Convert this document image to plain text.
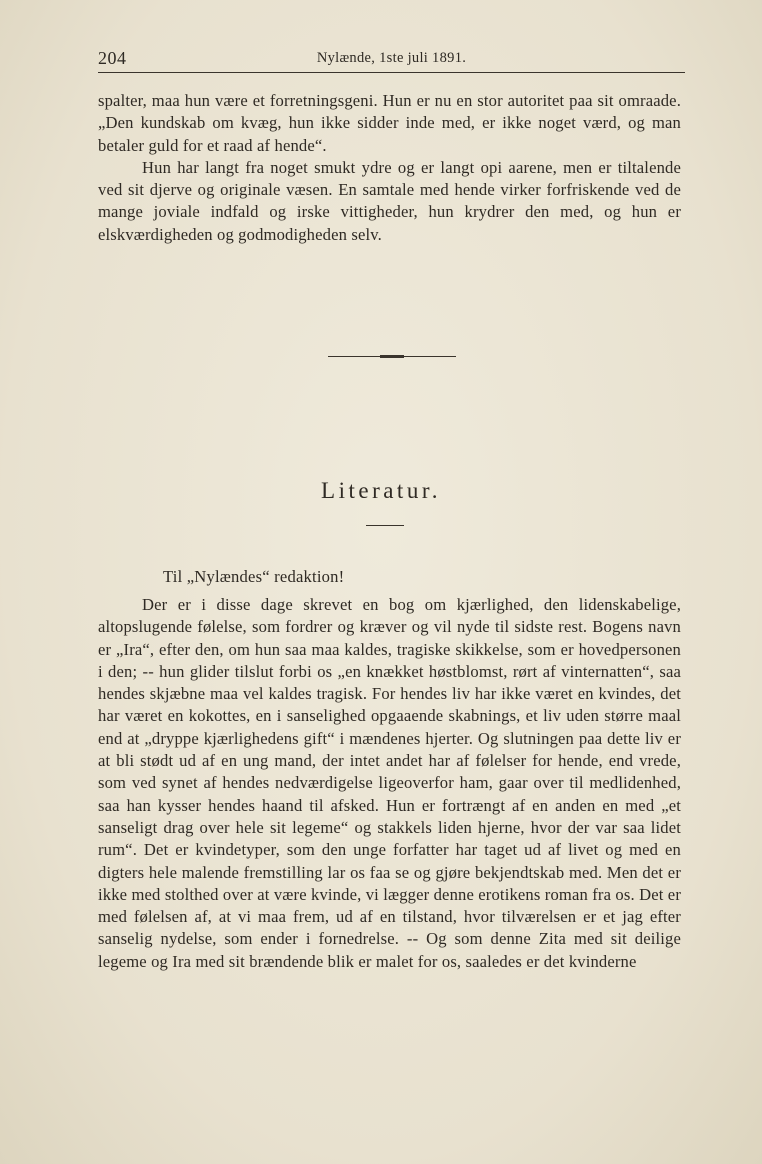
204	Nylænde, 1ste juli 1891.

spalter, maa hun være et forretningsgeni. Hun er nu en stor autoritet paa sit omraade. „Den kundskab om kvæg, hun ikke sidder inde med, er ikke noget værd, og man betaler guld for et raad af hende“.

Hun har langt fra noget smukt ydre og er langt opi aarene, men er tiltalende ved sit djerve og originale væsen. En samtale med hende virker forfriskende ved de mange joviale indfald og irske vittigheder, hun krydrer den med, og hun er elskværdigheden og godmodigheden selv.

Literatur.
Til „Nylændes“ redaktion!

Der er i disse dage skrevet en bog om kjærlighed, den lidenskabelige, altopslugende følelse, som fordrer og kræver og vil nyde til sidste rest. Bogens navn er „Ira“, efter den, om hun saa maa kaldes, tragiske skikkelse, som er hovedpersonen i den; -- hun glider tilslut forbi os „en knækket høstblomst, rørt af vinternatten“, saa hendes skjæbne maa vel kaldes tragisk. For hendes liv har ikke været en kvindes, det har været en kokottes, en i sanselighed opgaaende skabnings, et liv uden større maal end at „dryppe kjærlighedens gift“ i mændenes hjerter. Og slutningen paa dette liv er at bli stødt ud af en ung mand, der intet andet har af følelser for hende, end vrede, som ved synet af hendes nedværdigelse ligeoverfor ham, gaar over til medlidenhed, saa han kysser hendes haand til afsked. Hun er fortrængt af en anden en med „et sanseligt drag over hele sit legeme“ og stakkels liden hjerne, hvor der var saa lidet rum“. Det er kvindetyper, som den unge forfatter har taget ud af livet og med en digters hele malende fremstilling lar os faa se og gjøre bekjendtskab med. Men det er ikke med stolthed over at være kvinde, vi lægger denne erotikens roman fra os. Det er med følelsen af, at vi maa frem, ud af en tilstand, hvor tilværelsen er et jag efter sanselig nydelse, som ender i fornedrelse. -- Og som denne Zita med sit deilige legeme og Ira med sit brændende blik er malet for os, saaledes er det kvinderne
